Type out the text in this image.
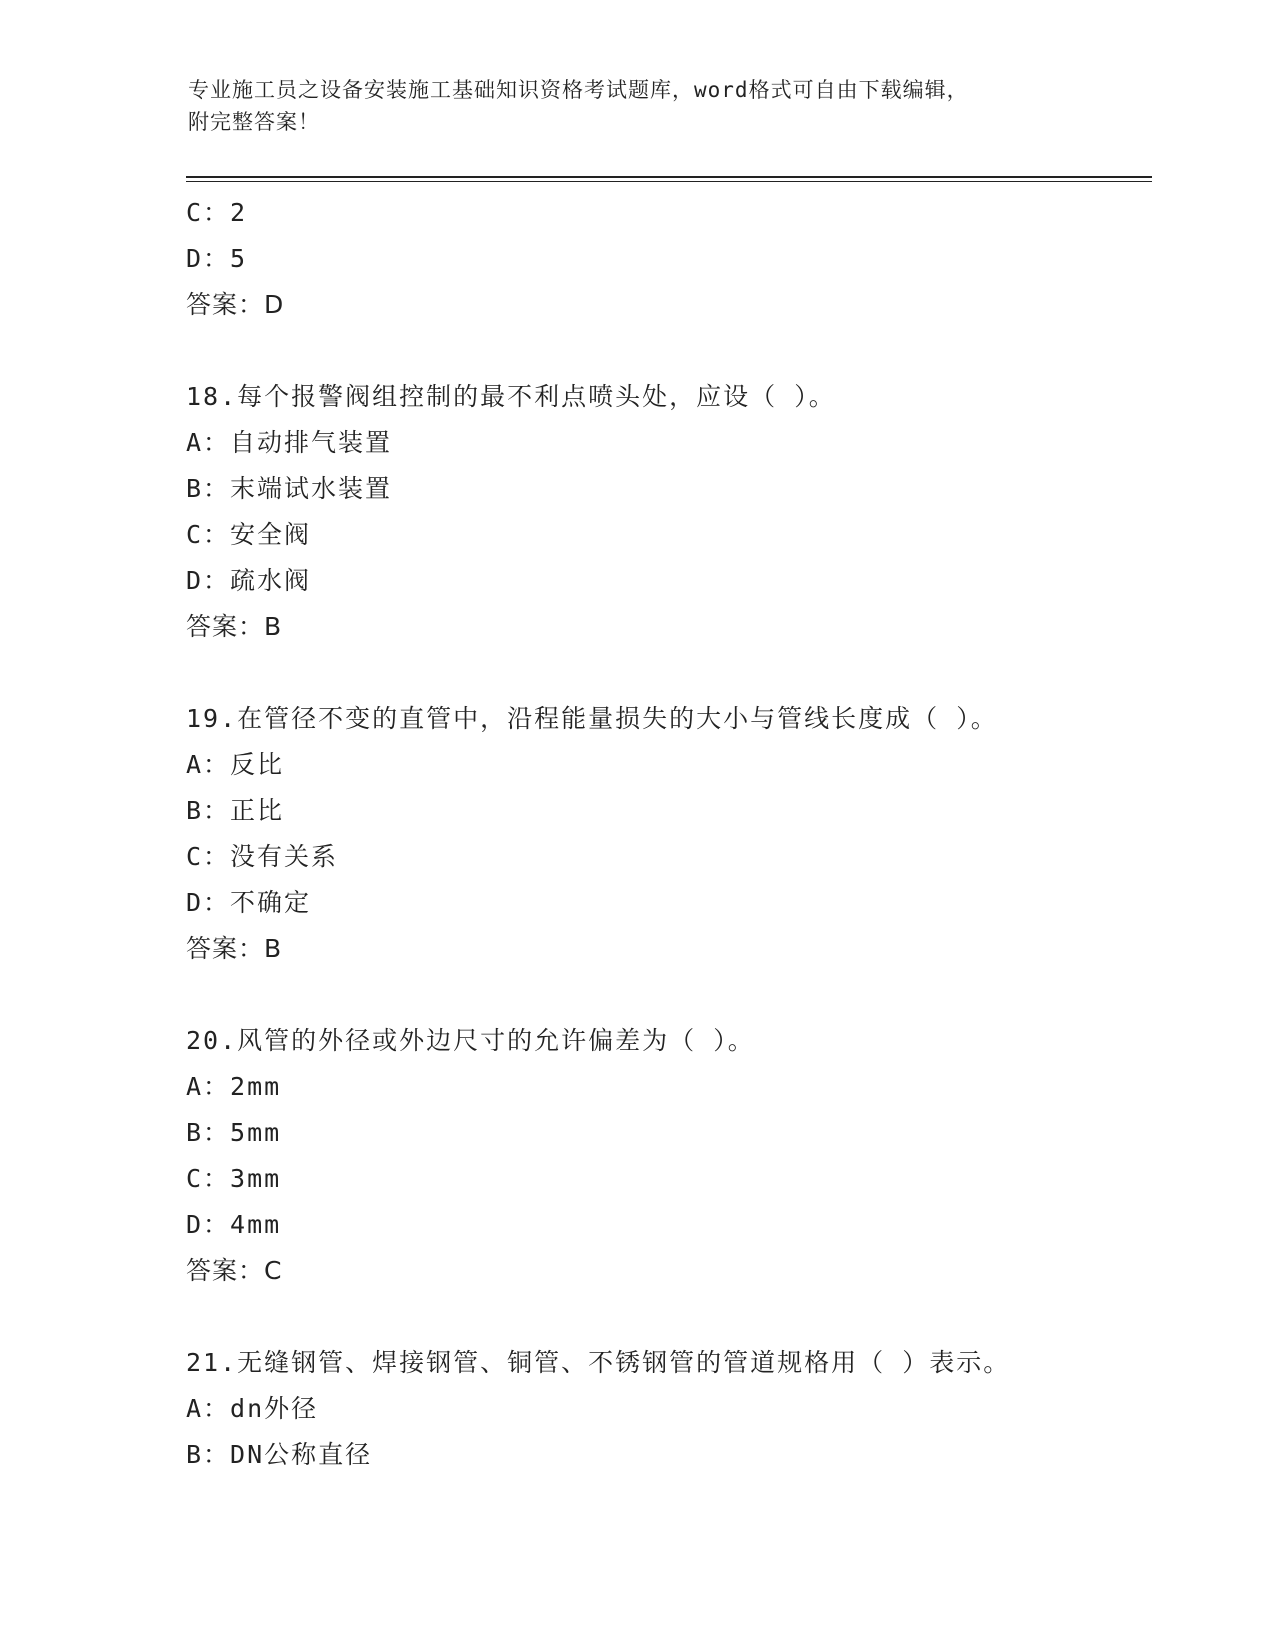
专业施工员之设备安装施工基础知识资格考试题库，word格式可自由下载编辑，
附完整答案！
C：2
D：5
答案：D
18.每个报警阀组控制的最不利点喷头处，应设（ ）。
A：自动排气装置
B：末端试水装置
C：安全阀
D：疏水阀
答案：B
19.在管径不变的直管中，沿程能量损失的大小与管线长度成（ ）。
A：反比
B：正比
C：没有关系
D：不确定
答案：B
20.风管的外径或外边尺寸的允许偏差为（ ）。
A：2mm
B：5mm
C：3mm
D：4mm
答案：C
21.无缝钢管、焊接钢管、铜管、不锈钢管的管道规格用（ ）表示。
A：dn外径
B：DN公称直径
